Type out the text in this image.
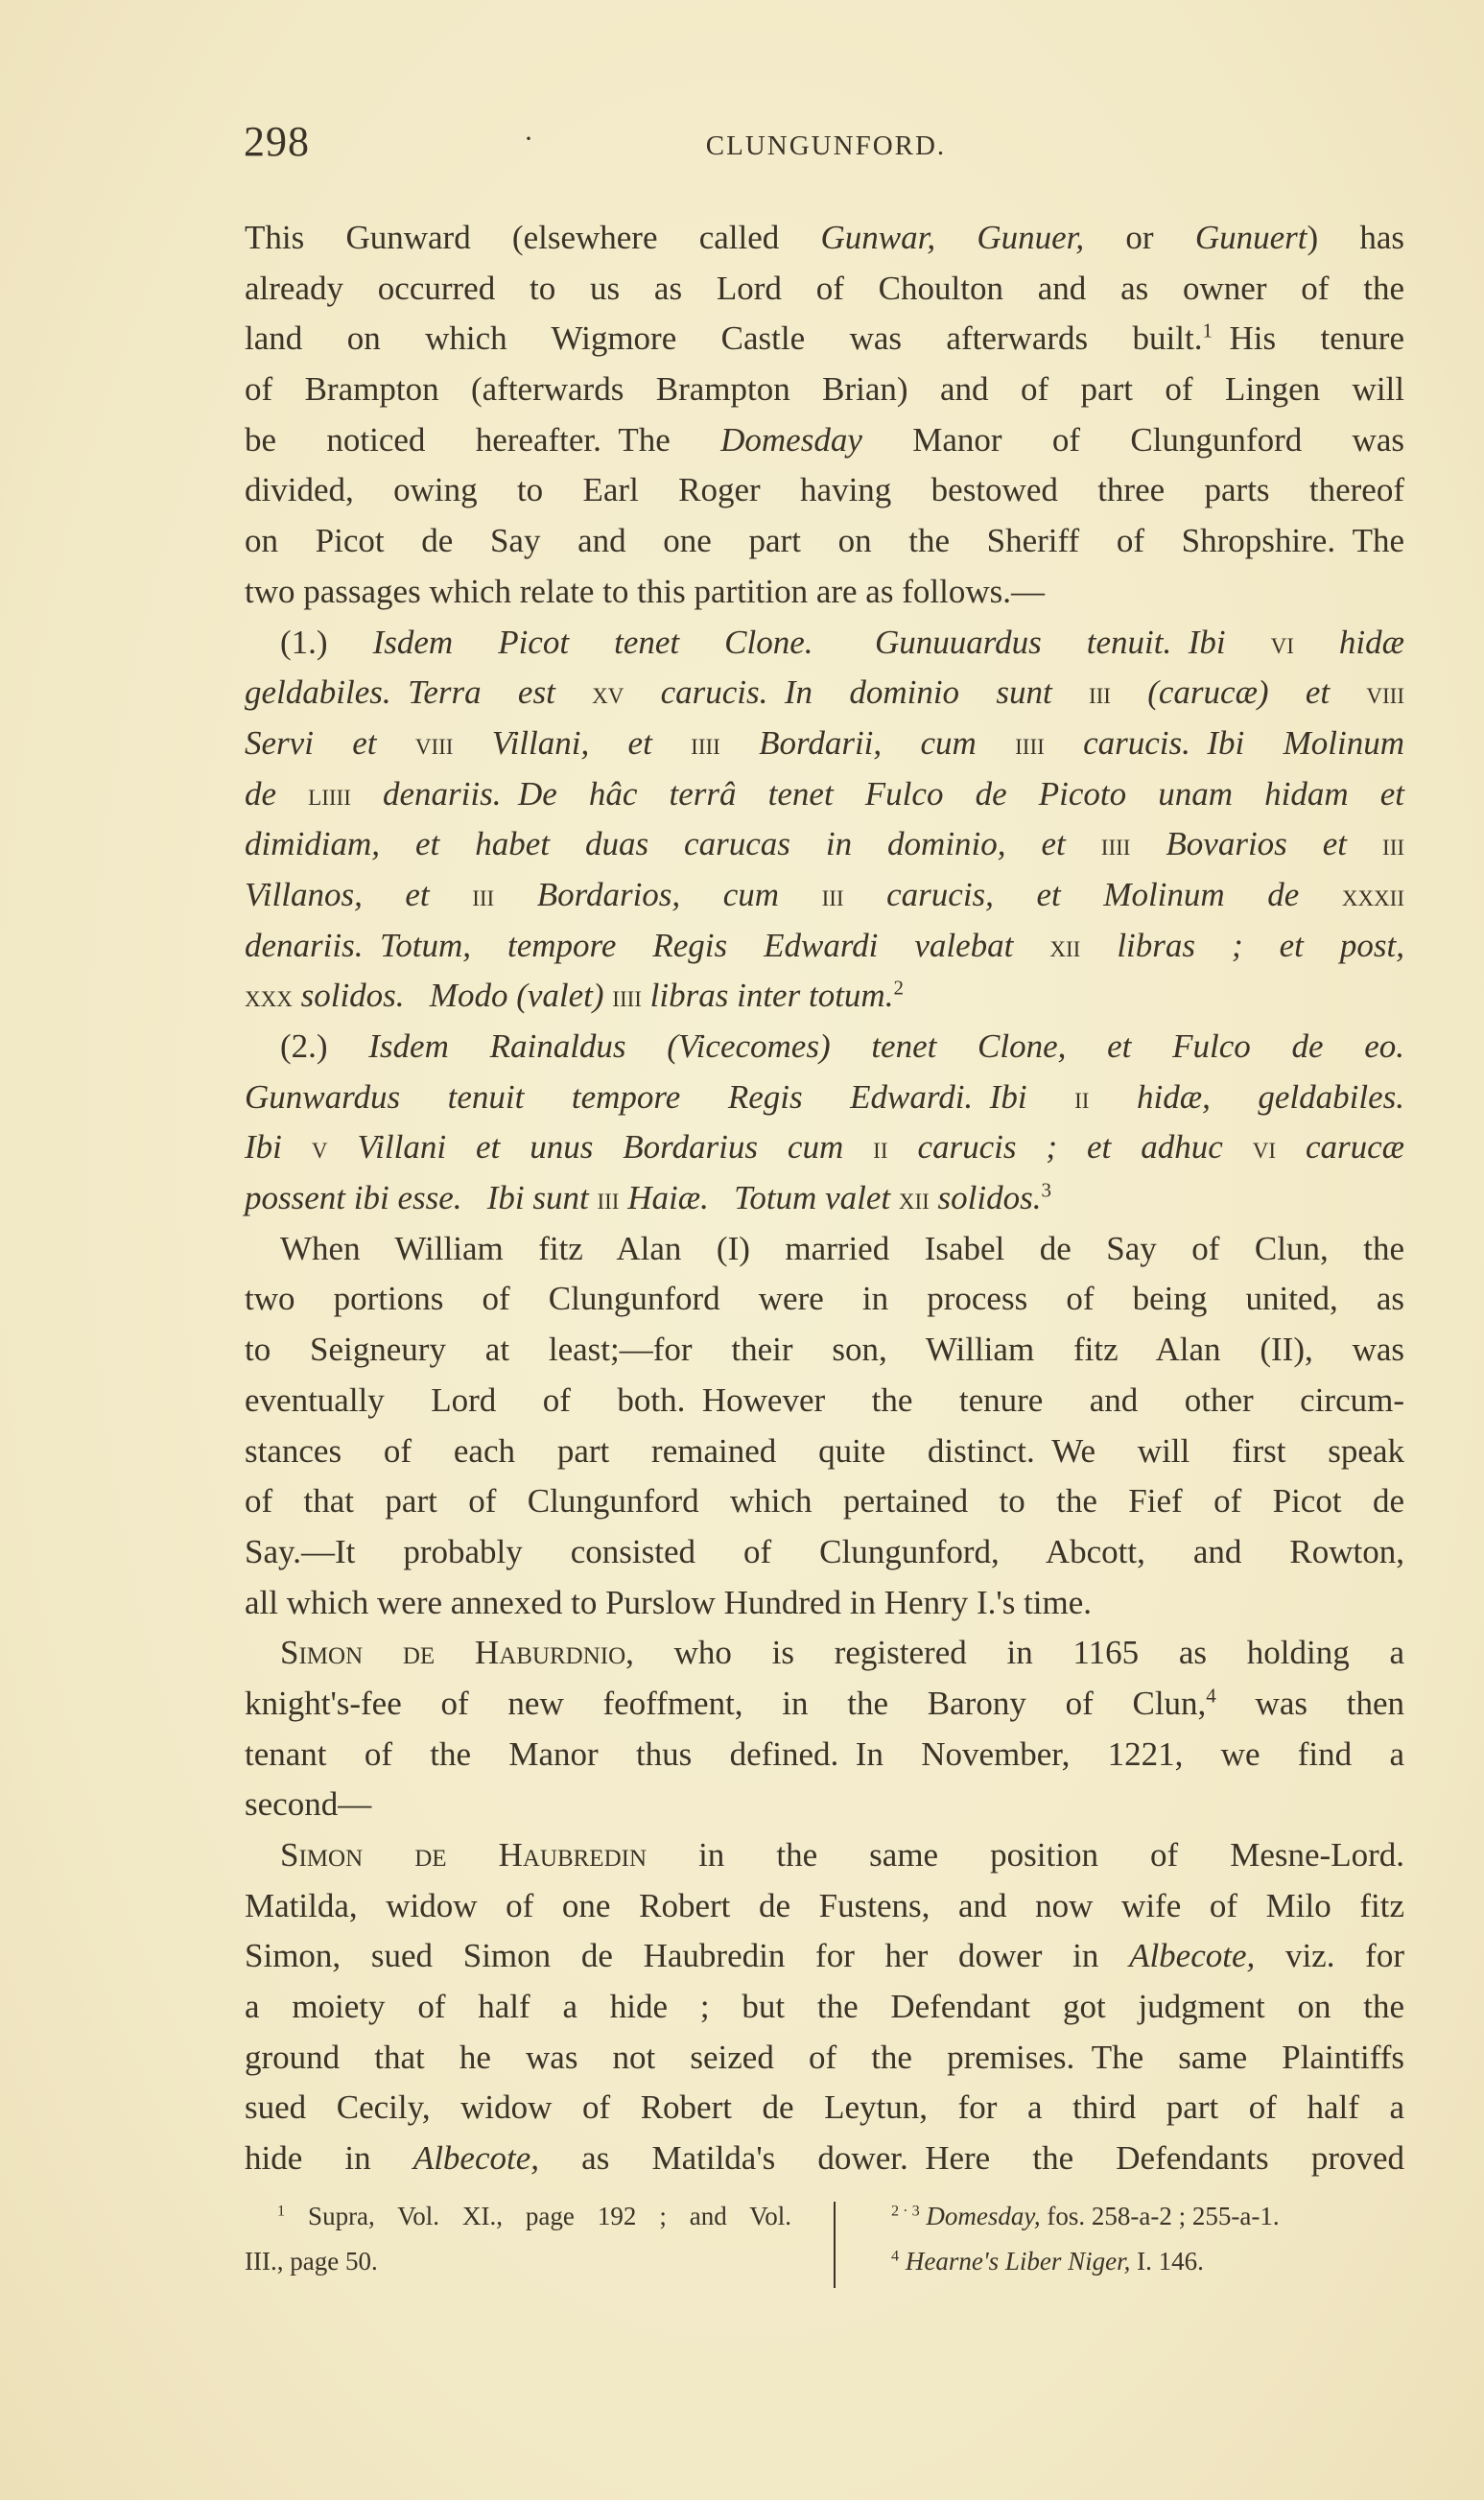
298	·	CLUNGUNFORD.
This Gunward (elsewhere called Gunwar, Gunuer, or Gunuert) has
already occurred to us as Lord of Choulton and as owner of the
land on which Wigmore Castle was afterwards built.$^1$ His tenure
of Brampton (afterwards Brampton Brian) and of part of Lingen will
be noticed hereafter. The Domesday Manor of Clungunford was
divided, owing to Earl Roger having bestowed three parts thereof
on Picot de Say and one part on the Sheriff of Shropshire. The
two passages which relate to this partition are as follows.—
(1.) Isdem Picot tenet Clone.  Gunuuardus tenuit. Ibi vi hidæ
geldabiles. Terra est xv carucis. In dominio sunt iii (carucæ) et viii
Servi et viii Villani, et iiii Bordarii, cum iiii carucis. Ibi Molinum
de liiii denariis. De hâc terrâ tenet Fulco de Picoto unam hidam et
dimidiam, et habet duas carucas in dominio, et iiii Bovarios et iii
Villanos, et iii Bordarios, cum iii carucis, et Molinum de xxxii
denariis. Totum, tempore Regis Edwardi valebat xii libras ; et post,
xxx solidos.  Modo (valet) iiii libras inter totum.$^2$
(2.) Isdem Rainaldus (Vicecomes) tenet Clone, et Fulco de eo.
Gunwardus tenuit tempore Regis Edwardi. Ibi ii hidæ, geldabiles.
Ibi v Villani et unus Bordarius cum ii carucis ; et adhuc vi carucæ
possent ibi esse.  Ibi sunt iii Haiæ.  Totum valet xii solidos.$^3$
When William fitz Alan (I) married Isabel de Say of Clun, the
two portions of Clungunford were in process of being united, as
to Seigneury at least;—for their son, William fitz Alan (II), was
eventually Lord of both. However the tenure and other circum-
stances of each part remained quite distinct. We will first speak
of that part of Clungunford which pertained to the Fief of Picot de
Say.—It probably consisted of Clungunford, Abcott, and Rowton,
all which were annexed to Purslow Hundred in Henry I.'s time.
Simon de Haburdnio, who is registered in 1165 as holding a
knight's-fee of new feoffment, in the Barony of Clun,$^4$ was then
tenant of the Manor thus defined. In November, 1221, we find a
second—
Simon de Haubredin in the same position of Mesne-Lord.
Matilda, widow of one Robert de Fustens, and now wife of Milo fitz
Simon, sued Simon de Haubredin for her dower in Albecote, viz. for
a moiety of half a hide ; but the Defendant got judgment on the
ground that he was not seized of the premises. The same Plaintiffs
sued Cecily, widow of Robert de Leytun, for a third part of half a
hide in Albecote, as Matilda's dower. Here the Defendants proved
$^1$ Supra, Vol. XI., page 192 ; and Vol.
III., page 50.
$^{2 \cdot 3}$ Domesday, fos. 258-a-2 ; 255-a-1.
$^4$ Hearne's Liber Niger, I. 146.
